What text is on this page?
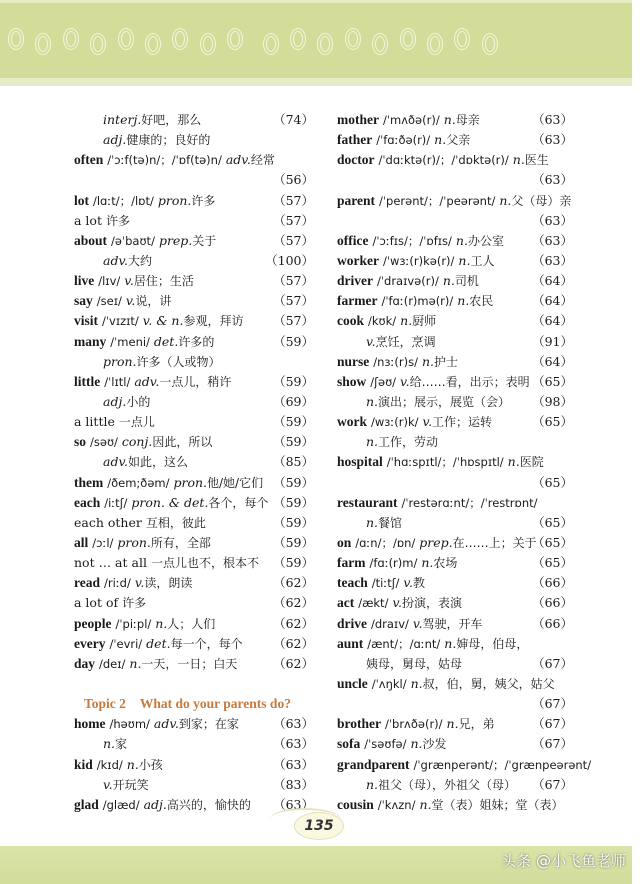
interj.好吧，那么	（74）
adj.健康的；良好的
often /ˈɔːf(tə)n/；/ˈɒf(tə)n/ adv.经常
（56）
lot /lɑːt/；/lɒt/ pron.许多	（57）
a lot 许多	（57）
about /əˈbaʊt/ prep.关于	（57）
adv.大约	（100）
live /lɪv/ v.居住；生活	（57）
say /seɪ/ v.说，讲	（57）
visit /ˈvɪzɪt/ v. & n.参观，拜访 （57）
many /ˈmeni/ det.许多的	（59）
pron.许多（人或物）
little /ˈlɪtl/ adv.一点儿，稍许	（59）
adj.小的	（69）
a little 一点儿	（59）
so /səʊ/ conj.因此，所以	（59）
adv.如此，这么	（85）
them /ðem;ðəm/ pron.他/她/它们 （59）
each /iːtʃ/ pron. & det.各个，每个 （59）
each other 互相，彼此	（59）
all /ɔːl/ pron.所有，全部	（59）
not … at all 一点儿也不，根本不 （59）
read /riːd/ v.读，朗读	（62）
a lot of 许多	（62）
people /ˈpiːpl/ n.人；人们	（62）
every /ˈevri/ det.每一个，每个 （62）
day /deɪ/ n.一天，一日；白天	（62）
Topic 2 What do your parents do?
home /həʊm/ adv.到家；在家	（63）
n.家	（63）
kid /kɪd/ n.小孩	（63）
v.开玩笑	（83）
glad /glæd/ adj.高兴的，愉快的 （63）
mother /ˈmʌðə(r)/ n.母亲	（63）
father /ˈfɑːðə(r)/ n.父亲	（63）
doctor /ˈdɑːktə(r)/；/ˈdɒktə(r)/ n.医生
（63）
parent /ˈperənt/；/ˈpeərənt/ n.父（母）亲
（63）
office /ˈɔːfɪs/；/ˈɒfɪs/ n.办公室 （63）
worker /ˈwɜː(r)kə(r)/ n.工人	（63）
driver /ˈdraɪvə(r)/ n.司机	（64）
farmer /ˈfɑː(r)mə(r)/ n.农民	（64）
cook /kʊk/ n.厨师	（64）
v.烹饪，烹调	（91）
nurse /nɜː(r)s/ n.护士	（64）
show /ʃəʊ/ v.给……看，出示；表明 （65）
n.演出；展示，展览（会） （98）
work /wɜː(r)k/ v.工作；运转	（65）
n.工作，劳动
hospital /ˈhɑːspɪtl/；/ˈhɒspɪtl/ n.医院
（65）
restaurant /ˈrestərɑːnt/；/ˈrestrɒnt/
n.餐馆	（65）
on /ɑːn/；/ɒn/ prep.在……上；关于
（65）
farm /fɑː(r)m/ n.农场	（65）
teach /tiːtʃ/ v.教	（66）
act /ækt/ v.扮演，表演	（66）
drive /draɪv/ v.驾驶，开车	（66）
aunt /ænt/；/ɑːnt/ n.婶母，伯母，
姨母，舅母，姑母	（67）
uncle /ˈʌŋkl/ n.叔，伯，舅，姨父，姑父
（67）
brother /ˈbrʌðə(r)/ n.兄，弟	（67）
sofa /ˈsəʊfə/ n.沙发	（67）
grandparent /ˈgrænperənt/；/ˈgrænpeərənt/
n.祖父（母），外祖父（母） （67）
cousin /ˈkʌzn/ n.堂（表）姐妹；堂（表）
135
头条 @小飞鱼老师
